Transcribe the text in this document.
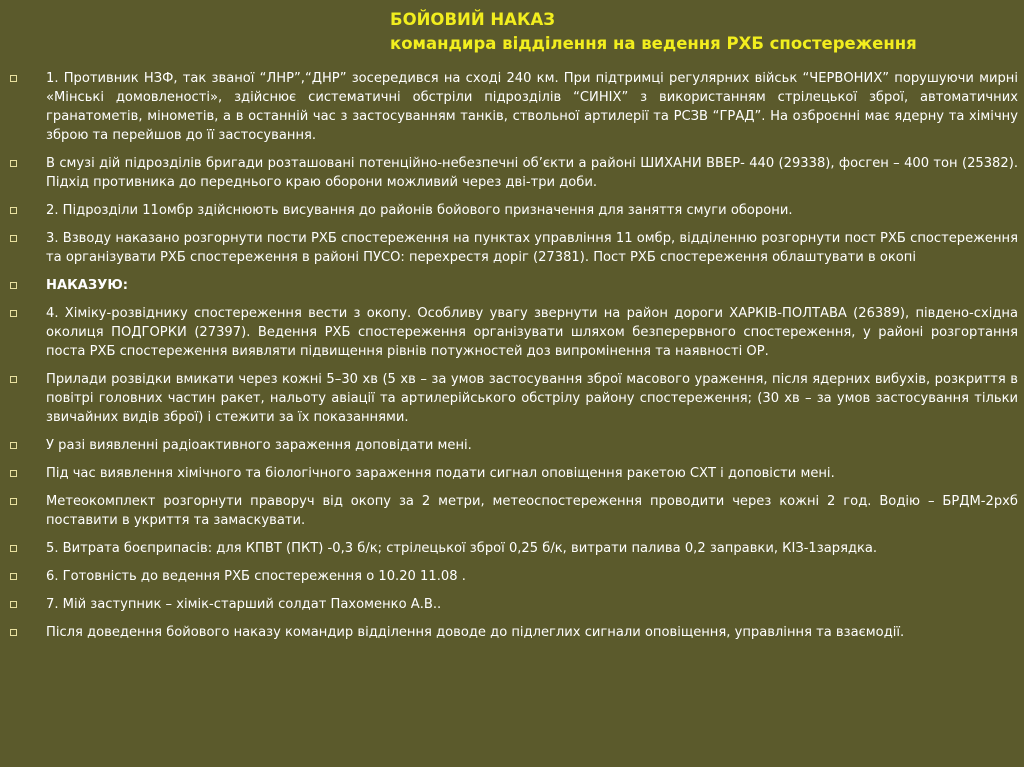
БОЙОВИЙ НАКАЗ

командира відділення на ведення РХБ спостереження

1. Противник НЗФ, так званої “ЛНР”,“ДНР” зосередився на сході 240 км. При підтримці регулярних військ “ЧЕРВОНИХ” порушуючи мирні «Мінські домовленості», здійснює систематичні обстріли підрозділів “СИНІХ” з використанням стрілецької зброї, автоматичних гранатометів, мінометів, а в останній час з застосуванням танків, ствольної артилерії та РСЗВ “ГРАД”. На озброєнні має ядерну та хімічну зброю та перейшов до її застосування.

В смузі дій підрозділів бригади розташовані потенційно-небезпечні об’єкти а районі ШИХАНИ ВВЕР- 440 (29338), фосген – 400 тон (25382). Підхід противника до переднього краю оборони можливий через дві-три доби.

2. Підрозділи 11омбр здійснюють висування до районів бойового призначення для заняття смуги оборони.

3. Взводу наказано розгорнути пости РХБ спостереження на пунктах управління 11 омбр, відділенню розгорнути пост РХБ спостереження та організувати РХБ спостереження в районі ПУСО: перехрестя доріг (27381). Пост РХБ спостереження облаштувати в окопі

НАКАЗУЮ:

4. Хіміку-розвіднику спостереження вести з окопу. Особливу увагу звернути на район дороги ХАРКІВ-ПОЛТАВА (26389), південо-східна околиця ПОДГОРКИ (27397). Ведення РХБ спостереження організувати шляхом безперервного спостереження, у районі розгортання поста РХБ спостереження виявляти підвищення рівнів потужностей доз випромінення та наявності ОР.

Прилади розвідки вмикати через кожні 5–30 хв (5 хв – за умов застосування зброї масового ураження, після ядерних вибухів, розкриття в повітрі головних частин ракет, нальоту авіації та артилерійського обстрілу району спостереження; (30 хв – за умов застосування тільки звичайних видів зброї) і стежити за їх показаннями.

У разі виявленні радіоактивного зараження доповідати мені.

Під час виявлення хімічного та біологічного зараження подати сигнал оповіщення ракетою СХТ і доповісти мені.

Метеокомплект розгорнути праворуч від окопу за 2 метри, метеоспостереження проводити через кожні 2 год. Водію – БРДМ-2рхб поставити в укриття та замаскувати.

5. Витрата боєприпасів: для КПВТ (ПКТ) -0,3 б/к; стрілецької зброї 0,25 б/к, витрати палива 0,2 заправки, КІЗ-1зарядка.

6. Готовність до ведення РХБ спостереження о 10.20 11.08 .

7. Мій заступник – хімік-старший солдат Пахоменко А.В..

Після доведення бойового наказу командир відділення доводе до підлеглих сигнали оповіщення, управління та взаємодії.
